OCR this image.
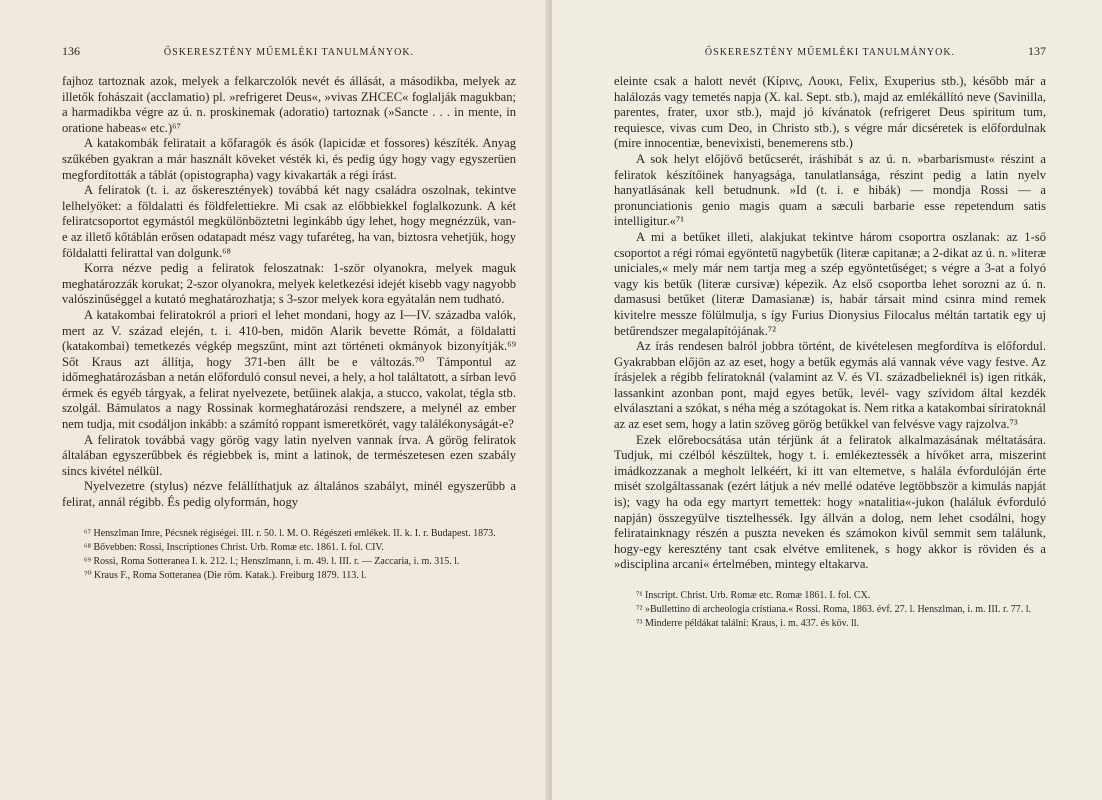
136	ŐSKERESZTÉNY MŰEMLÉKI TANULMÁNYOK.

fajhoz tartoznak azok, melyek a felkarczolók nevét és állását, a másodikba, melyek az illetők fohászait (acclamatio) pl. »refrigeret Deus«, »vivas ZHCEC« foglalják magukban; a harmadikba végre az ú. n. proskinemak (adoratio) tartoznak (»Sancte . . . in mente, in oratione habeas« etc.)⁶⁷

A katakombák feliratait a kőfaragók és ásók (lapicidæ et fossores) készíték. Anyag szűkében gyakran a már használt köveket vésték ki, és pedig úgy hogy vagy egyszerüen megfordították a táblát (opistographa) vagy kivakarták a régi írást.

A feliratok (t. i. az őskeresztények) továbbá két nagy családra oszolnak, tekintve lelhelyöket: a földalatti és földfelettiekre. Mi csak az előbbiekkel foglalkozunk. A két feliratcsoportot egymástól megkülönböztetni leginkább úgy lehet, hogy megnézzük, van-e az illető kőtáblán erősen odatapadt mész vagy tufaréteg, ha van, biztosra vehetjük, hogy földalatti felirattal van dolgunk.⁶⁸

Korra nézve pedig a feliratok feloszatnak: 1-ször olyanokra, melyek maguk meghatározzák korukat; 2-szor olyanokra, melyek keletkezési idejét kisebb vagy nagyobb valószinűséggel a kutató meghatározhatja; s 3-szor melyek kora egyátalán nem tudható.

A katakombai feliratokról a priori el lehet mondani, hogy az I—IV. századba valók, mert az V. század elején, t. i. 410-ben, midőn Alarik bevette Rómát, a földalatti (katakombai) temetkezés végkép megszűnt, mint azt történeti okmányok bizonyítják.⁶⁹ Sőt Kraus azt állítja, hogy 371-ben állt be e változás.⁷⁰ Támpontul az időmeghatározásban a netán előforduló consul nevei, a hely, a hol találtatott, a sírban levő érmek és egyéb tárgyak, a felirat nyelvezete, betűinek alakja, a stucco, vakolat, tégla stb. szolgál. Bámulatos a nagy Rossinak kormeghatározási rendszere, a melynél az ember nem tudja, mit csodáljon inkább: a számító roppant ismeretkörét, vagy találékonyságát-e?

A feliratok továbbá vagy görög vagy latin nyelven vannak írva. A görög feliratok általában egyszerűbbek és régiebbek is, mint a latinok, de természetesen ezen szabály sincs kivétel nélkül.

Nyelvezetre (stylus) nézve felállíthatjuk az általános szabályt, minél egyszerűbb a felirat, annál régibb. És pedig olyformán, hogy

⁶⁷ Henszlman Imre, Pécsnek régiségei. III. r. 50. l. M. O. Régészeti emlékek. II. k. I. r. Budapest. 1873.
⁶⁸ Bővebben: Rossi, Inscriptiones Christ. Urb. Romæ etc. 1861. I. fol. CIV.
⁶⁹ Rossi, Roma Sotteranea I. k. 212. l.; Henszlmann, i. m. 49. l. III. r. — Zaccaria, i. m. 315. l.
⁷⁰ Kraus F., Roma Sotteranea (Die röm. Katak.). Freiburg 1879. 113. l.
ŐSKERESZTÉNY MŰEMLÉKI TANULMÁNYOK.	137

eleinte csak a halott nevét (Κίρινς, Λουκι, Felix, Exuperius stb.), később már a halálozás vagy temetés napja (X. kal. Sept. stb.), majd az emlékállító neve (Savinilla, parentes, frater, uxor stb.), majd jó kívánatok (refrigeret Deus spiritum tum, requiesce, vivas cum Deo, in Christo stb.), s végre már dicséretek is előfordulnak (mire innocentiæ, benevixisti, benemerens stb.)

A sok helyt előjövő betűcserét, iráshibát s az ú. n. »barbarismust« részint a feliratok készítőinek hanyagsága, tanulatlansága, részint pedig a latin nyelv hanyatlásának kell betudnunk. »Id (t. i. e hibák) — mondja Rossi — a pronunciationis genio magis quam a sæculi barbarie esse repetendum satis intelligitur.«⁷¹

A mi a betűket illeti, alakjukat tekintve három csoportra oszlanak: az 1-ső csoportot a régi római egyöntetű nagybetűk (literæ capitanæ; a 2-dikat az ú. n. »literæ uniciales,« mely már nem tartja meg a szép egyöntetűséget; s végre a 3-at a folyó vagy kis betűk (literæ cursivæ) képezik. Az első csoportba lehet sorozni az ú. n. damasusi betűket (literæ Damasianæ) is, habár társait mind csinra mind remek kivitelre messze fölülmulja, s így Furius Dionysius Filocalus méltán tartatik egy uj betűrendszer megalapítójának.⁷²

Az írás rendesen balról jobbra történt, de kivételesen megfordítva is előfordul. Gyakrabban előjön az az eset, hogy a betűk egymás alá vannak véve vagy festve. Az írásjelek a régibb feliratoknál (valamint az V. és VI. századbelieknél is) igen ritkák, lassankint azonban pont, majd egyes betűk, levél- vagy szívidom által kezdék elválasztani a szókat, s néha még a szótagokat is. Nem ritka a katakombai síriratoknál az az eset sem, hogy a latin szöveg görög betűkkel van felvésve vagy rajzolva.⁷³

Ezek előrebocsátása után térjünk át a feliratok alkalmazásának méltatására. Tudjuk, mi czélból készültek, hogy t. i. emlékeztessék a hívőket arra, miszerint imádkozzanak a megholt lelkéért, ki itt van eltemetve, s halála évfordulóján érte misét szolgáltassanak (ezért látjuk a név mellé odatéve legtöbbször a kimulás napját is); vagy ha oda egy martyrt temettek: hogy »natalitia«-jukon (haláluk évforduló napján) összegyülve tisztelhessék. Igy állván a dolog, nem lehet csodálni, hogy feliratainknagy részén a puszta neveken és számokon kivül semmit sem találunk, hogy-egy keresztény tant csak elvétve emlitenek, s hogy akkor is röviden és a »disciplina arcani« értelmében, mintegy eltakarva.

⁷¹ Inscript. Christ. Urb. Romæ etc. Romæ 1861. I. fol. CX.
⁷² »Bullettino di archeologia cristiana.« Rossi. Roma, 1863. évf. 27. l. Henszlman, i. m. III. r. 77. l.
⁷³ Minderre példákat találni: Kraus, i. m. 437. és köv. ll.
